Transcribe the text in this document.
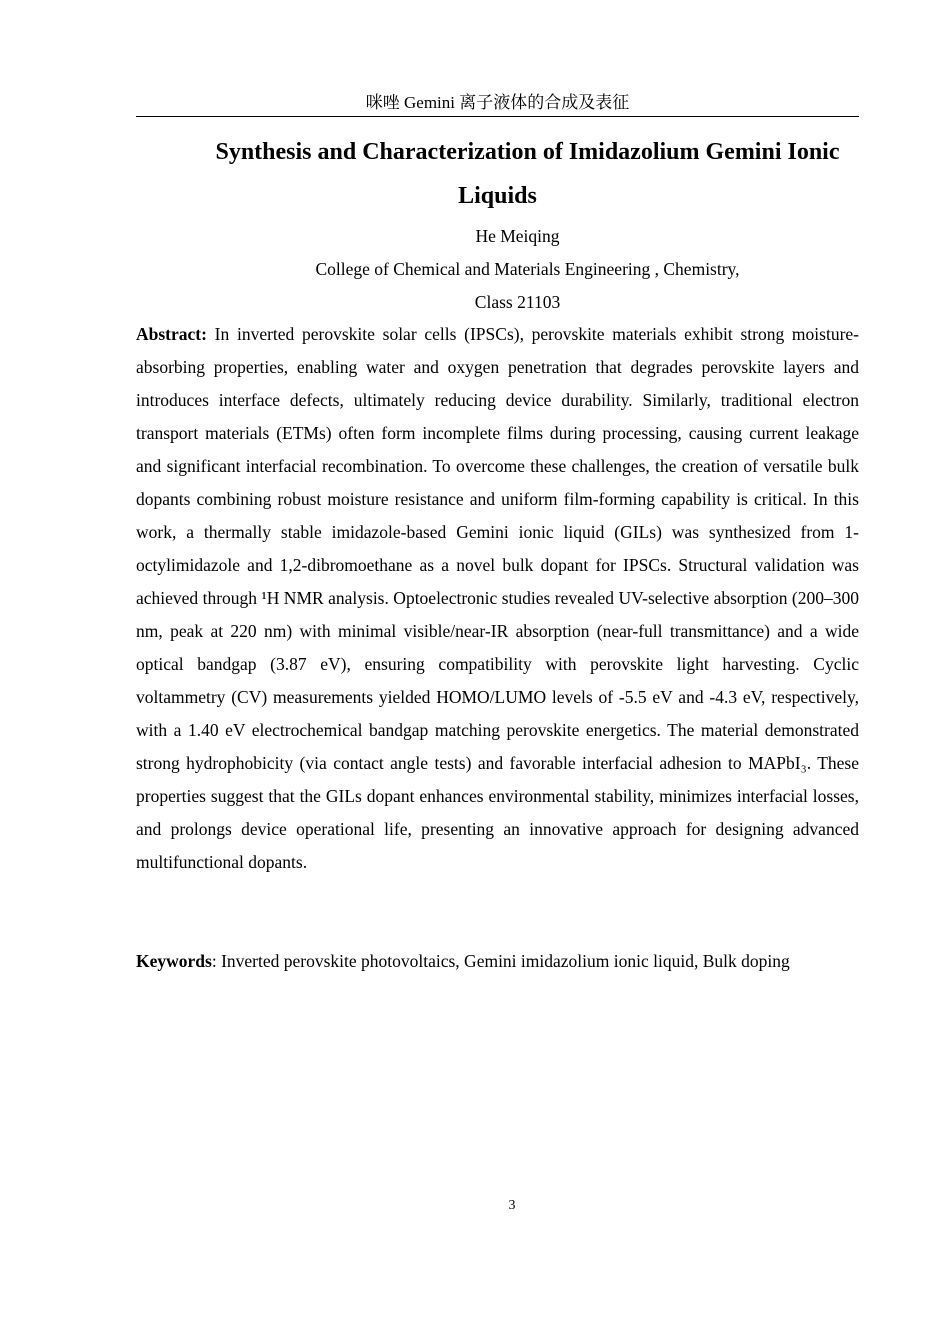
咪唑 Gemini 离子液体的合成及表征
Synthesis and Characterization of Imidazolium Gemini Ionic
Liquids
He Meiqing
College of Chemical and Materials Engineering , Chemistry,
Class 21103

Abstract: In inverted perovskite solar cells (IPSCs), perovskite materials exhibit strong moisture-absorbing properties, enabling water and oxygen penetration that degrades perovskite layers and introduces interface defects, ultimately reducing device durability. Similarly, traditional electron transport materials (ETMs) often form incomplete films during processing, causing current leakage and significant interfacial recombination. To overcome these challenges, the creation of versatile bulk dopants combining robust moisture resistance and uniform film-forming capability is critical. In this work, a thermally stable imidazole-based Gemini ionic liquid (GILs) was synthesized from 1-octylimidazole and 1,2-dibromoethane as a novel bulk dopant for IPSCs. Structural validation was achieved through ¹H NMR analysis. Optoelectronic studies revealed UV-selective absorption (200–300 nm, peak at 220 nm) with minimal visible/near-IR absorption (near-full transmittance) and a wide optical bandgap (3.87 eV), ensuring compatibility with perovskite light harvesting. Cyclic voltammetry (CV) measurements yielded HOMO/LUMO levels of -5.5 eV and -4.3 eV, respectively, with a 1.40 eV electrochemical bandgap matching perovskite energetics. The material demonstrated strong hydrophobicity (via contact angle tests) and favorable interfacial adhesion to MAPbI₃. These properties suggest that the GILs dopant enhances environmental stability, minimizes interfacial losses, and prolongs device operational life, presenting an innovative approach for designing advanced multifunctional dopants.

Keywords: Inverted perovskite photovoltaics, Gemini imidazolium ionic liquid, Bulk doping

3
